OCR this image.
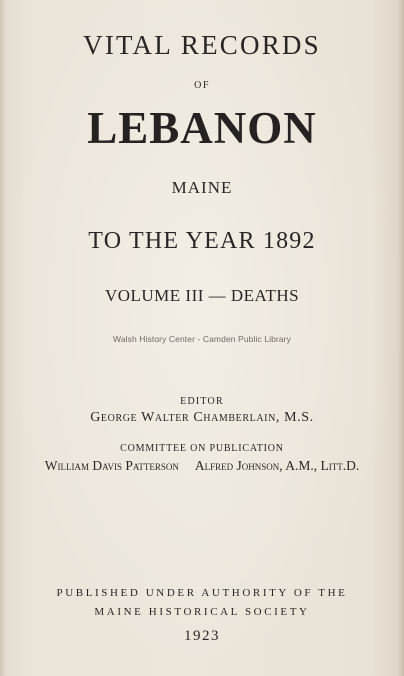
VITAL RECORDS
OF
LEBANON
MAINE
TO THE YEAR 1892
VOLUME III — DEATHS
Walsh History Center - Camden Public Library
EDITOR
George Walter Chamberlain, M.S.
COMMITTEE ON PUBLICATION
William Davis Patterson Alfred Johnson, A.M., Litt.D.
PUBLISHED UNDER AUTHORITY OF THE
MAINE HISTORICAL SOCIETY
1923
